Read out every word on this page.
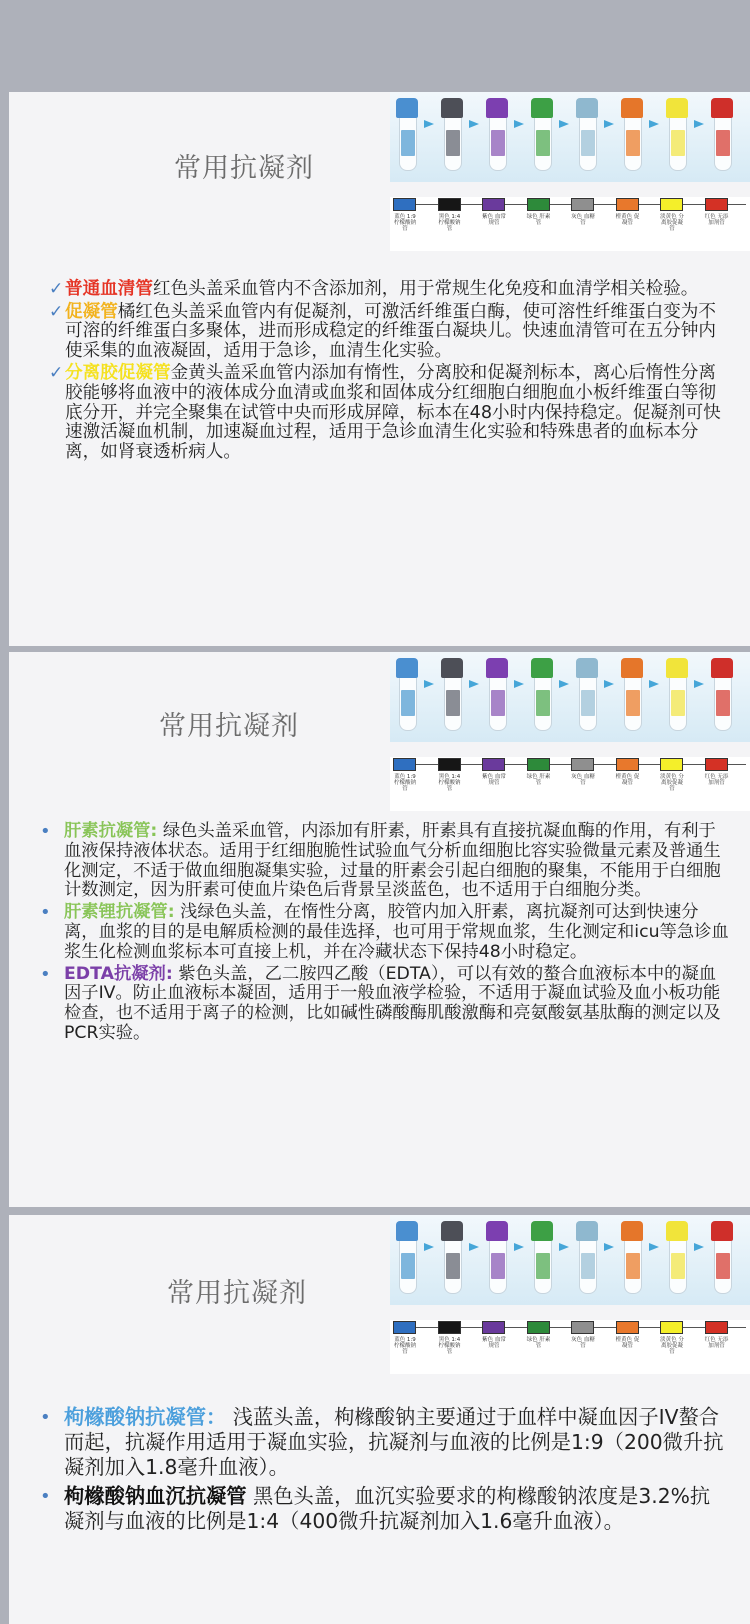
常用抗凝剂
蓝色 1:9 柠檬酸钠管
黑色 1:4 柠檬酸钠管
紫色 血常规管
绿色 肝素管
灰色 血糖管
橙黄色 促凝管
淡黄色 分离胶促凝管
红色 无添加剂管
✓ 普通血清管红色头盖采血管内不含添加剂，用于常规生化免疫和血清学相关检验。
✓ 促凝管橘红色头盖采血管内有促凝剂，可激活纤维蛋白酶，使可溶性纤维蛋白变为不可溶的纤维蛋白多聚体，进而形成稳定的纤维蛋白凝块儿。快速血清管可在五分钟内使采集的血液凝固，适用于急诊，血清生化实验。
✓ 分离胶促凝管金黄头盖采血管内添加有惰性，分离胶和促凝剂标本，离心后惰性分离胶能够将血液中的液体成分血清或血浆和固体成分红细胞白细胞血小板纤维蛋白等彻底分开，并完全聚集在试管中央而形成屏障，标本在48小时内保持稳定。促凝剂可快速激活凝血机制，加速凝血过程，适用于急诊血清生化实验和特殊患者的血标本分离，如肾衰透析病人。
常用抗凝剂
蓝色 1:9 柠檬酸钠管
黑色 1:4 柠檬酸钠管
紫色 血常规管
绿色 肝素管
灰色 血糖管
橙黄色 促凝管
淡黄色 分离胶促凝管
红色 无添加剂管
• 肝素抗凝管: 绿色头盖采血管，内添加有肝素，肝素具有直接抗凝血酶的作用，有利于血液保持液体状态。适用于红细胞脆性试验血气分析血细胞比容实验微量元素及普通生化测定，不适于做血细胞凝集实验，过量的肝素会引起白细胞的聚集，不能用于白细胞计数测定，因为肝素可使血片染色后背景呈淡蓝色，也不适用于白细胞分类。
• 肝素锂抗凝管: 浅绿色头盖，在惰性分离，胶管内加入肝素，离抗凝剂可达到快速分离，血浆的目的是电解质检测的最佳选择，也可用于常规血浆，生化测定和icu等急诊血浆生化检测血浆标本可直接上机，并在冷藏状态下保持48小时稳定。
• EDTA抗凝剂: 紫色头盖，乙二胺四乙酸（EDTA），可以有效的螯合血液标本中的凝血因子IV。防止血液标本凝固，适用于一般血液学检验，不适用于凝血试验及血小板功能检查，也不适用于离子的检测，比如碱性磷酸酶肌酸激酶和亮氨酸氨基肽酶的测定以及PCR实验。
常用抗凝剂
蓝色 1:9 柠檬酸钠管
黑色 1:4 柠檬酸钠管
紫色 血常规管
绿色 肝素管
灰色 血糖管
橙黄色 促凝管
淡黄色 分离胶促凝管
红色 无添加剂管
• 枸橼酸钠抗凝管： 浅蓝头盖，枸橼酸钠主要通过于血样中凝血因子IV螯合而起，抗凝作用适用于凝血实验，抗凝剂与血液的比例是1:9（200微升抗凝剂加入1.8毫升血液）。
• 枸橼酸钠血沉抗凝管 黑色头盖，血沉实验要求的枸橼酸钠浓度是3.2%抗凝剂与血液的比例是1:4（400微升抗凝剂加入1.6毫升血液）。
